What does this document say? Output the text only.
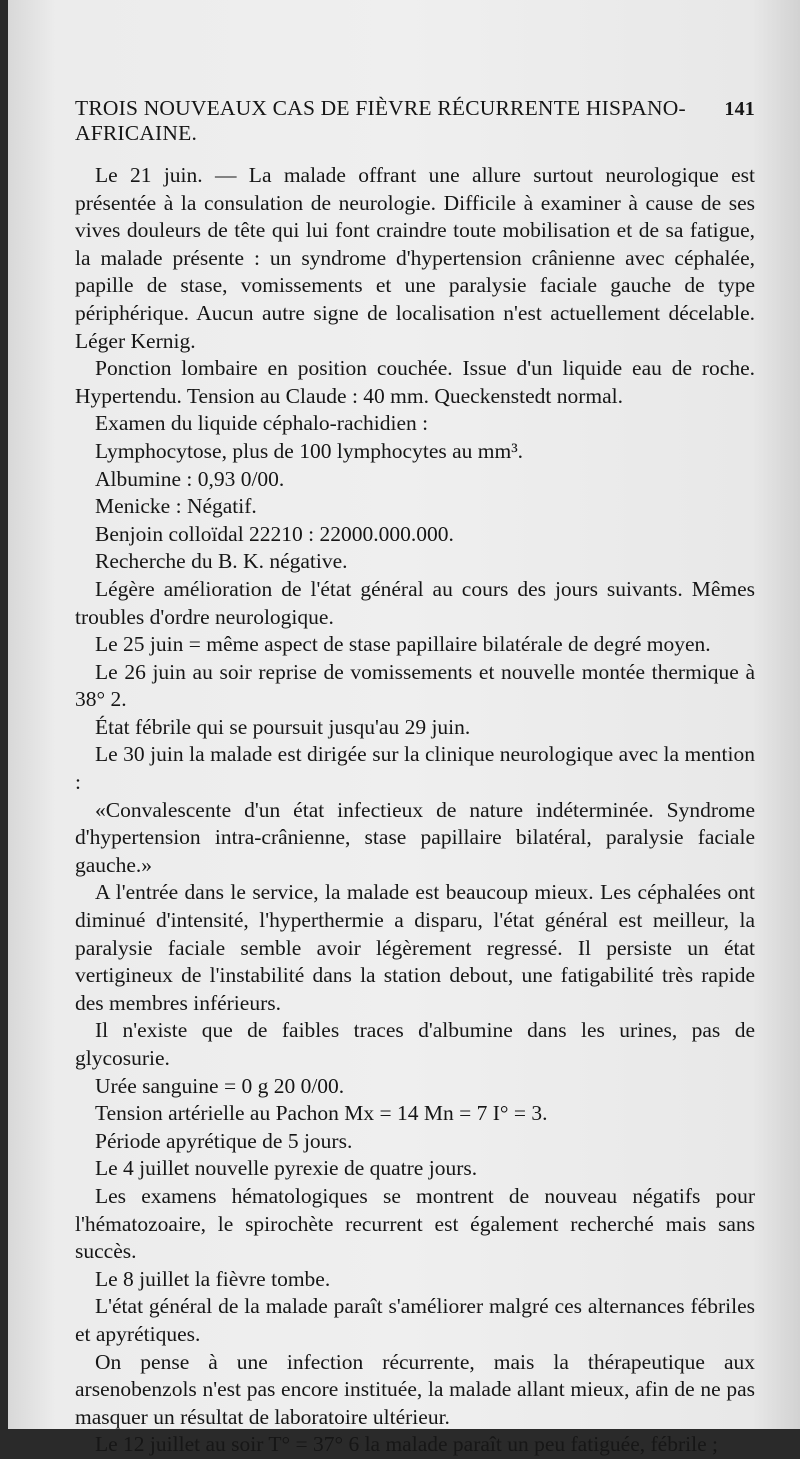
TROIS NOUVEAUX CAS DE FIÈVRE RÉCURRENTE HISPANO-AFRICAINE.
141

Le 21 juin. — La malade offrant une allure surtout neurologique est présentée à la consulation de neurologie. Difficile à examiner à cause de ses vives douleurs de tête qui lui font craindre toute mobilisation et de sa fatigue, la malade présente : un syndrome d'hypertension crânienne avec céphalée, papille de stase, vomissements et une paralysie faciale gauche de type périphérique. Aucun autre signe de localisation n'est actuellement décelable. Léger Kernig.

Ponction lombaire en position couchée. Issue d'un liquide eau de roche. Hypertendu. Tension au Claude : 40 mm. Queckenstedt normal.

Examen du liquide céphalo-rachidien :

Lymphocytose, plus de 100 lymphocytes au mm³.

Albumine : 0,93 0/00.

Menicke : Négatif.

Benjoin colloïdal 22210 : 22000.000.000.

Recherche du B. K. négative.

Légère amélioration de l'état général au cours des jours suivants. Mêmes troubles d'ordre neurologique.

Le 25 juin = même aspect de stase papillaire bilatérale de degré moyen.

Le 26 juin au soir reprise de vomissements et nouvelle montée thermique à 38° 2.

État fébrile qui se poursuit jusqu'au 29 juin.

Le 30 juin la malade est dirigée sur la clinique neurologique avec la mention :

«Convalescente d'un état infectieux de nature indéterminée. Syndrome d'hypertension intra-crânienne, stase papillaire bilatéral, paralysie faciale gauche.»

A l'entrée dans le service, la malade est beaucoup mieux. Les céphalées ont diminué d'intensité, l'hyperthermie a disparu, l'état général est meilleur, la paralysie faciale semble avoir légèrement regressé. Il persiste un état vertigineux de l'instabilité dans la station debout, une fatigabilité très rapide des membres inférieurs.

Il n'existe que de faibles traces d'albumine dans les urines, pas de glycosurie.

Urée sanguine = 0 g 20 0/00.

Tension artérielle au Pachon Mx = 14 Mn = 7 I° = 3.

Période apyrétique de 5 jours.

Le 4 juillet nouvelle pyrexie de quatre jours.

Les examens hématologiques se montrent de nouveau négatifs pour l'hématozoaire, le spirochète recurrent est également recherché mais sans succès.

Le 8 juillet la fièvre tombe.

L'état général de la malade paraît s'améliorer malgré ces alternances fébriles et apyrétiques.

On pense à une infection récurrente, mais la thérapeutique aux arsenobenzols n'est pas encore instituée, la malade allant mieux, afin de ne pas masquer un résultat de laboratoire ultérieur.

Le 12 juillet au soir T° = 37° 6 la malade paraît un peu fatiguée, fébrile ;
